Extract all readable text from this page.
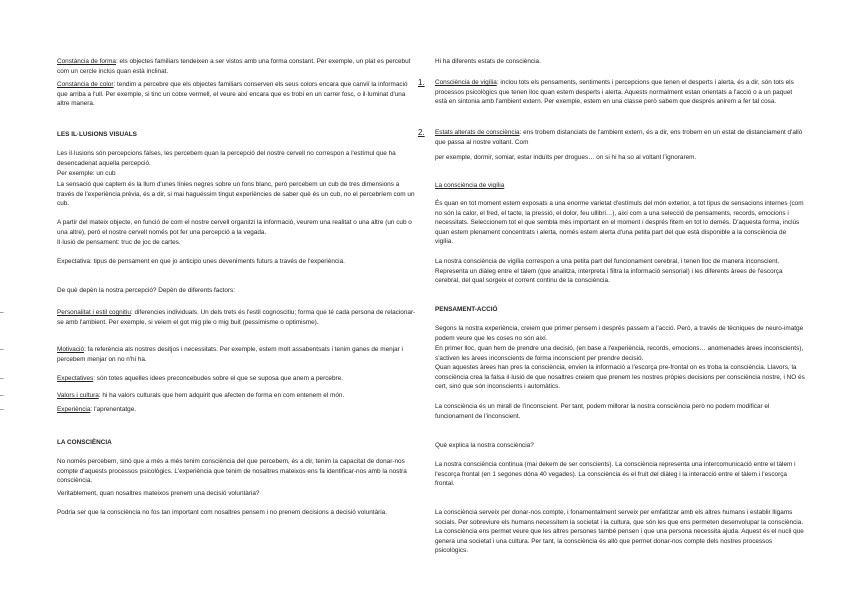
Constància de forma: els objectes familiars tendeixen a ser vistos amb una forma constant. Per exemple, un plat es percebut com un cercle inclús quan està inclinat.
Constància de color: tendim a percebre que els objectes familiars conserven els seus colors encara que canviï la informació que arriba a l'ull. Per exemple, si tinc un cotxe vermell, el veure així encara que es trobi en un carrer fosc, o il·luminat d'una altre manera.
LES IL·LUSIONS VISUALS
Les il·lusions són percepcions falses, les percebem quan la percepció del nostre cervell no correspon a l'estímul que ha desencadenat aquella percepció.
Per exemple: un cub
La sensació que captem és la llum d'unes línies negres sobre un fons blanc, però percebem un cub de tres dimensions a través de l'experiència prèvia, és a dir, si mai haguéssim tingut experiències de saber què és un cub, no el percebríem com un cub.
A partir del mateix objecte, en funció de com el nostre cervell organitzi la informació, veurem una realitat o una altre (un cub o una altre), però el nostre cervell només pot fer una percepció a la vegada.
Il·lusió de pensament: truc de joc de cartes.
Expectativa: tipus de pensament en que jo anticipo unes deveniments futurs a través de l'experiència.
De què depèn la nostra percepció? Depèn de diferents factors:
–	Personalitat i estil cognitiu: diferencies individuals. Un dels trets és l'estil cognoscitiu; forma que té cada persona de relacionar-se amb l'ambient. Per exemple, si veiem el got mig ple o mig buit (pessimisme o optimisme).
–	Motivació: fa referència als nostres desitjos i necessitats. Per exemple, estem molt assabentsats i tenim ganes de menjar i percebem menjar on no n'hi ha.
–	Expectatives: són totes aquelles idees preconcebudes sobre el que se suposa que anem a percebre.
–	Valors i cultura: hi ha valors culturals que hem adquirit que afecten de forma en com entenem el món.
–	Experiència: l'aprenentatge.
LA CONSCIÈNCIA
No només percebem, sinó que a més a més tenim consciència del que percebem, és a dir, tenim la capacitat de donar-nos compte d'aquests processos psicològics. L'experiència que tenim de nosaltres mateixos ens fa identificar-nos amb la nostra consciència.
Veritablement, quan nosaltres mateixos prenem una decisió voluntària?
Podria ser que la consciència no fos tan important com nosaltres pensem i no prenem decisions a decisió voluntària.
Hi ha diferents estats de consciència.
1. Consciència de vigília: inclou tots els pensaments, sentiments i percepcions que tenen el desperts i alerta, és a dir, són tots els processos psicològics que tenen lloc quan estem desperts i alerta. Aquests normalment estan orientats a l'acció o a un paquet està en sintonia amb l'ambient extern. Per exemple, estem en una classe però sabem que després anirem a fer tal cosa.
2. Estats alterats de consciència: ens trobem distanciats de l'ambient extern, és a dir, ens trobem en un estat de distanciament d'allò que passa al nostre voltant. Com
per exemple, dormir, somiar, estar induïts per drogues… on si hi ha so al voltant l'ignorarem.
La consciència de vigília
És quan en tot moment estem exposats a una enorme varietat d'estímuls del món exterior, a tot tipus de sensacions internes (com no són la calor, el fred, el tacte, la pressió, el dolor, feu ullibri…), així com a una selecció de pensaments, records, emocions i necessitats. Seleccionem tot el que sembla més important en el moment i després fitem en tot lo demés. D'aquesta forma, inclús quan estem plenament concentrats i alerta, només estem alerta d'una petita part del que està disponible a la consciència de vigília.
La nostra consciència de vigília correspon a una petita part del funcionament cerebral, i tenen lloc de manera inconscient. Representa un diàleg entre el tàlem (que analitza, interpreta i filtra la informació sensorial) i les diferents àrees de l'escorça cerebral, del qual sorgeix el corrent continu de la consciència.
PENSAMENT-ACCIÓ
Segons la nostra experiència, creiem que primer pensem i després passem a l'acció. Però, a través de tècniques de neuro-imatge podem veure que les coses no són així.
En primer lloc, quan hem de prendre una decisió, (en base a l'experiència, records, emocions… anomenades àrees inconscients), s'activen les àrees inconscients de forma inconscient per prendre decisió.
Quan aquestes àrees han pres la consciència, envien la informació a l'escorça pre-frontal on es troba la consciència. Llavors, la consciència crea la falsa il·lusió de que nosaltres creiem que prenem les nostres pròpies decisions per consciència nostre, i NO és cert, sinó que són inconscients i automàtics.
La consciència és un mirall de l'inconscient. Per tant, podem millorar la nostra consciència però no podem modificar el funcionament de l'inconscient.
Què explica la nostra consciència?
La nostra consciència continua (mai dekem de ser conscients). La consciència representa una intercomunicació entre el tàlem i l'escorça frontal (en 1 segones dóna 40 vegades). La consciència és el fruit del diàleg i la interacció entre el tàlem i l'escorça frontal.
La consciència serveix per donar-nos compte, i fonamentalment serveix per emfatitzar amb els altres humans i establir lligams socials. Per sobreviure els humans necessitem la societat i la cultura, que són les que ens permeten desenvolupar la consciència. La consciència ens permet veure que les altres persones també pensen i que una persona necessita ajuda. Aquest és el nucli que genera una societat i una cultura. Per tant, la consciència és allò que permet donar-nos compte dels nostres processos psicològics.
